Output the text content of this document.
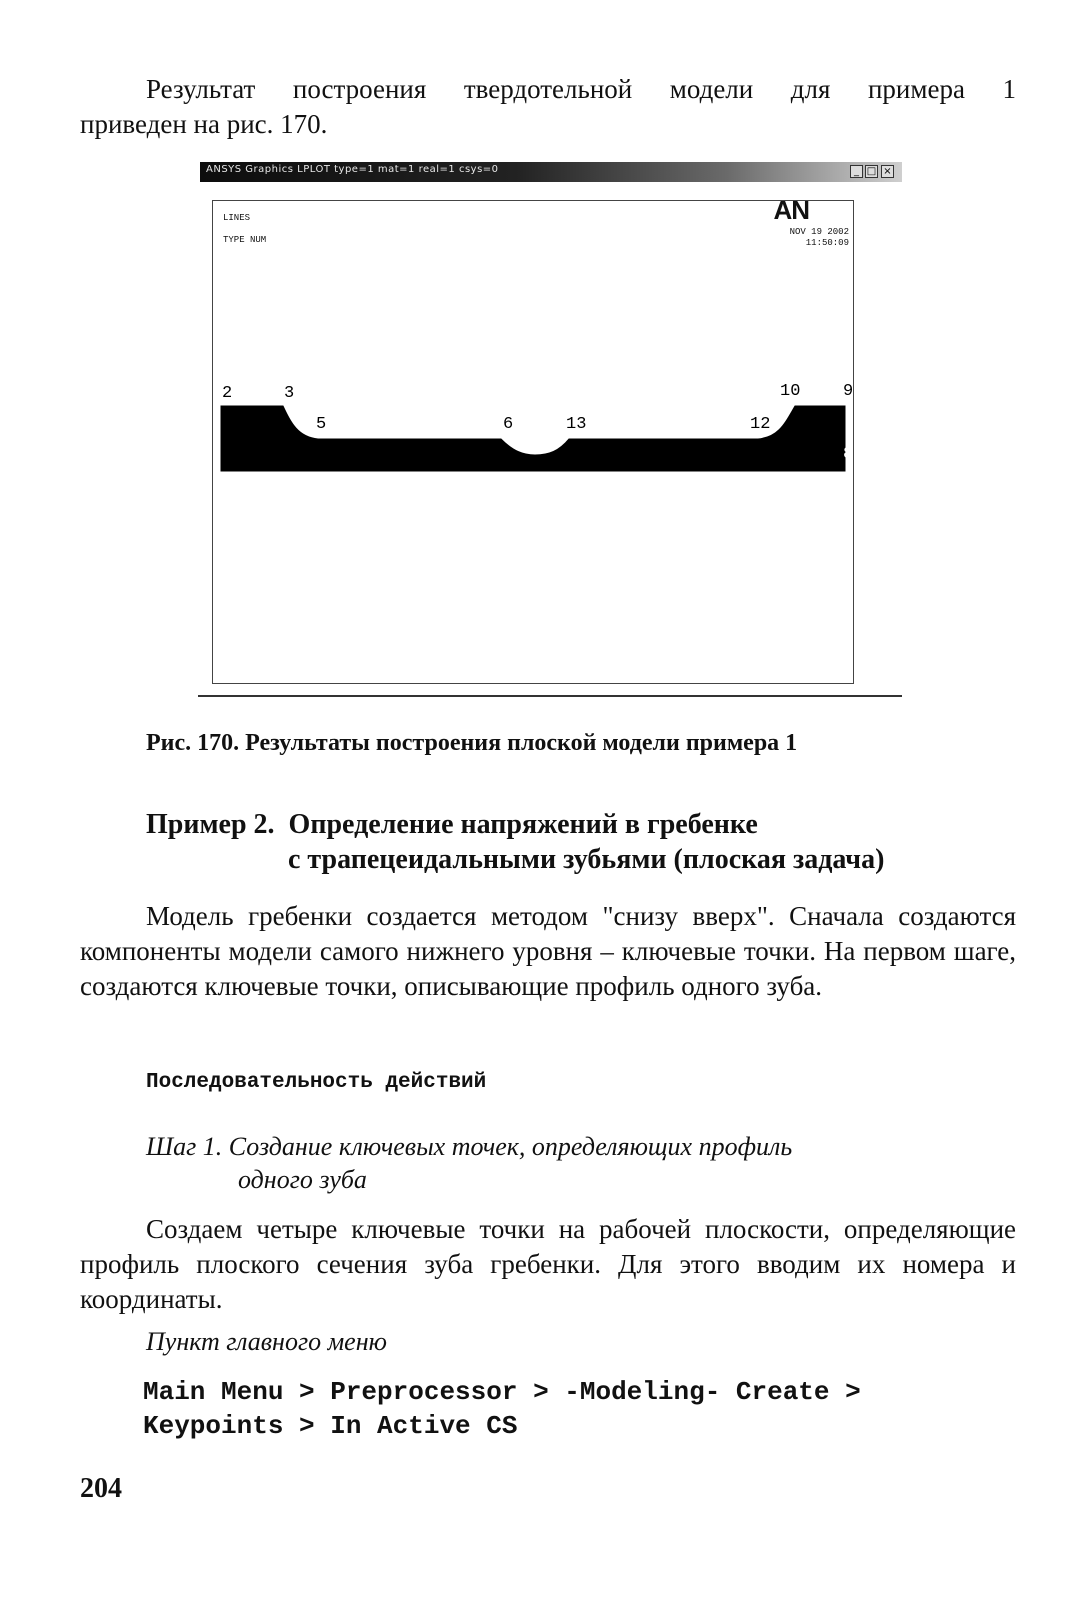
Результат построения твердотельной модели для примера 1
приведен на рис. 170.
ANSYS Graphics LPLOT type=1 mat=1 real=1 csys=0	_ □ ×
LINES
TYPE NUM
AN
NOV 19 2002
11:50:09
2	3
5	6	13	12
10	9
8
Рис. 170. Результаты построения плоской модели примера 1
Пример 2.  Определение напряжений в гребенке
с трапецеидальными зубьями (плоская задача)
Модель гребенки создается методом "снизу вверх". Сначала создаются компоненты модели самого нижнего уровня – ключевые точки. На первом шаге, создаются ключевые точки, описывающие профиль одного зуба.
Последовательность действий
Шаг 1. Создание ключевых точек, определяющих профиль
одного зуба
Создаем четыре ключевые точки на рабочей плоскости, определяющие профиль плоского сечения зуба гребенки. Для этого вводим их номера и координаты.
Пункт главного меню
Main Menu > Preprocessor > -Modeling- Create >
Keypoints > In Active CS
204
